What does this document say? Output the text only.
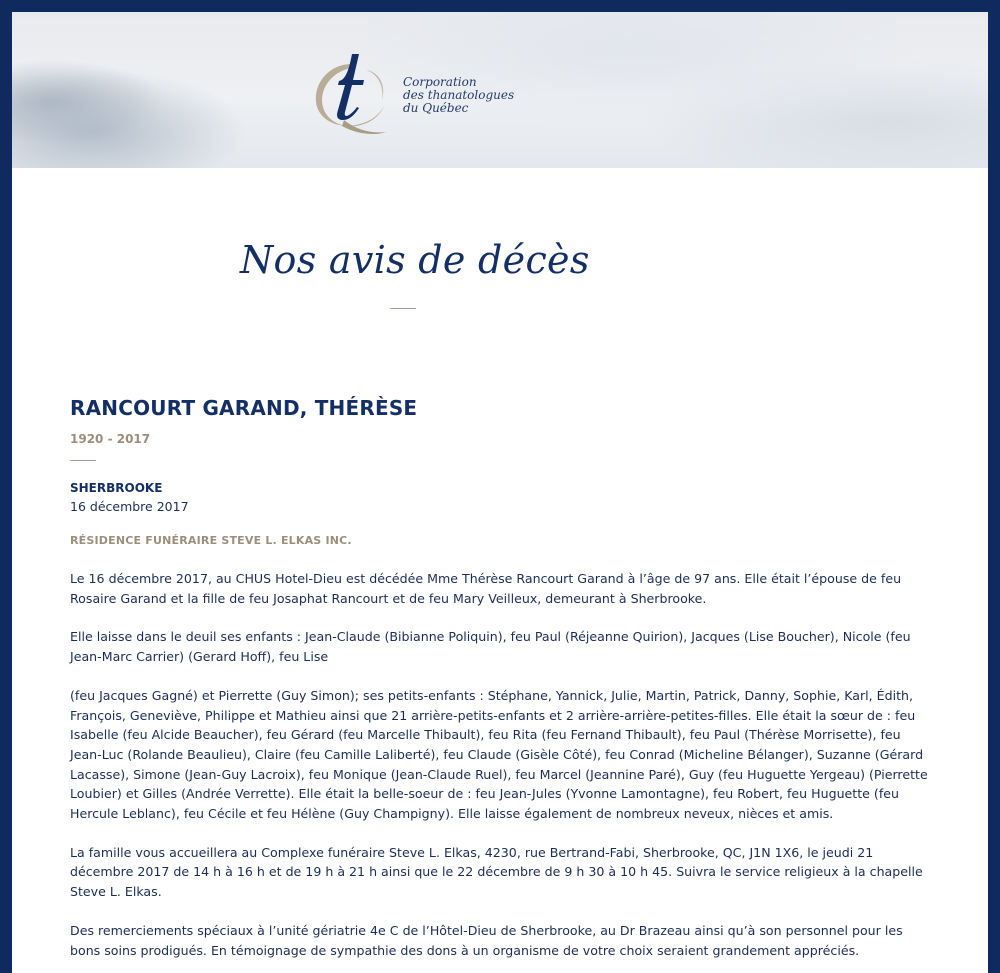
Corporation
des thanatologues
du Québec
Nos avis de décès
RANCOURT GARAND, THÉRÈSE
1920 - 2017
SHERBROOKE
16 décembre 2017
RÉSIDENCE FUNÉRAIRE STEVE L. ELKAS INC.

Le 16 décembre 2017, au CHUS Hotel-Dieu est décédée Mme Thérèse Rancourt Garand à l’âge de 97 ans. Elle était l’épouse de feu Rosaire Garand et la fille de feu Josaphat Rancourt et de feu Mary Veilleux, demeurant à Sherbrooke.

Elle laisse dans le deuil ses enfants : Jean-Claude (Bibianne Poliquin), feu Paul (Réjeanne Quirion), Jacques (Lise Boucher), Nicole (feu Jean-Marc Carrier) (Gerard Hoff), feu Lise

(feu Jacques Gagné) et Pierrette (Guy Simon); ses petits-enfants : Stéphane, Yannick, Julie, Martin, Patrick, Danny, Sophie, Karl, Édith, François, Geneviève, Philippe et Mathieu ainsi que 21 arrière-petits-enfants et 2 arrière-arrière-petites-filles. Elle était la sœur de : feu Isabelle (feu Alcide Beaucher), feu Gérard (feu Marcelle Thibault), feu Rita (feu Fernand Thibault), feu Paul (Thérèse Morrisette), feu Jean-Luc (Rolande Beaulieu), Claire (feu Camille Laliberté), feu Claude (Gisèle Côté), feu Conrad (Micheline Bélanger), Suzanne (Gérard Lacasse), Simone (Jean-Guy Lacroix), feu Monique (Jean-Claude Ruel), feu Marcel (Jeannine Paré), Guy (feu Huguette Yergeau) (Pierrette Loubier) et Gilles (Andrée Verrette). Elle était la belle-soeur de : feu Jean-Jules (Yvonne Lamontagne), feu Robert, feu Huguette (feu Hercule Leblanc), feu Cécile et feu Hélène (Guy Champigny). Elle laisse également de nombreux neveux, nièces et amis.

La famille vous accueillera au Complexe funéraire Steve L. Elkas, 4230, rue Bertrand-Fabi, Sherbrooke, QC, J1N 1X6, le jeudi 21 décembre 2017 de 14 h à 16 h et de 19 h à 21 h ainsi que le 22 décembre de 9 h 30 à 10 h 45. Suivra le service religieux à la chapelle Steve L. Elkas.

Des remerciements spéciaux à l’unité gériatrie 4e C de l’Hôtel-Dieu de Sherbrooke, au Dr Brazeau ainsi qu’à son personnel pour les bons soins prodigués. En témoignage de sympathie des dons à un organisme de votre choix seraient grandement appréciés.
